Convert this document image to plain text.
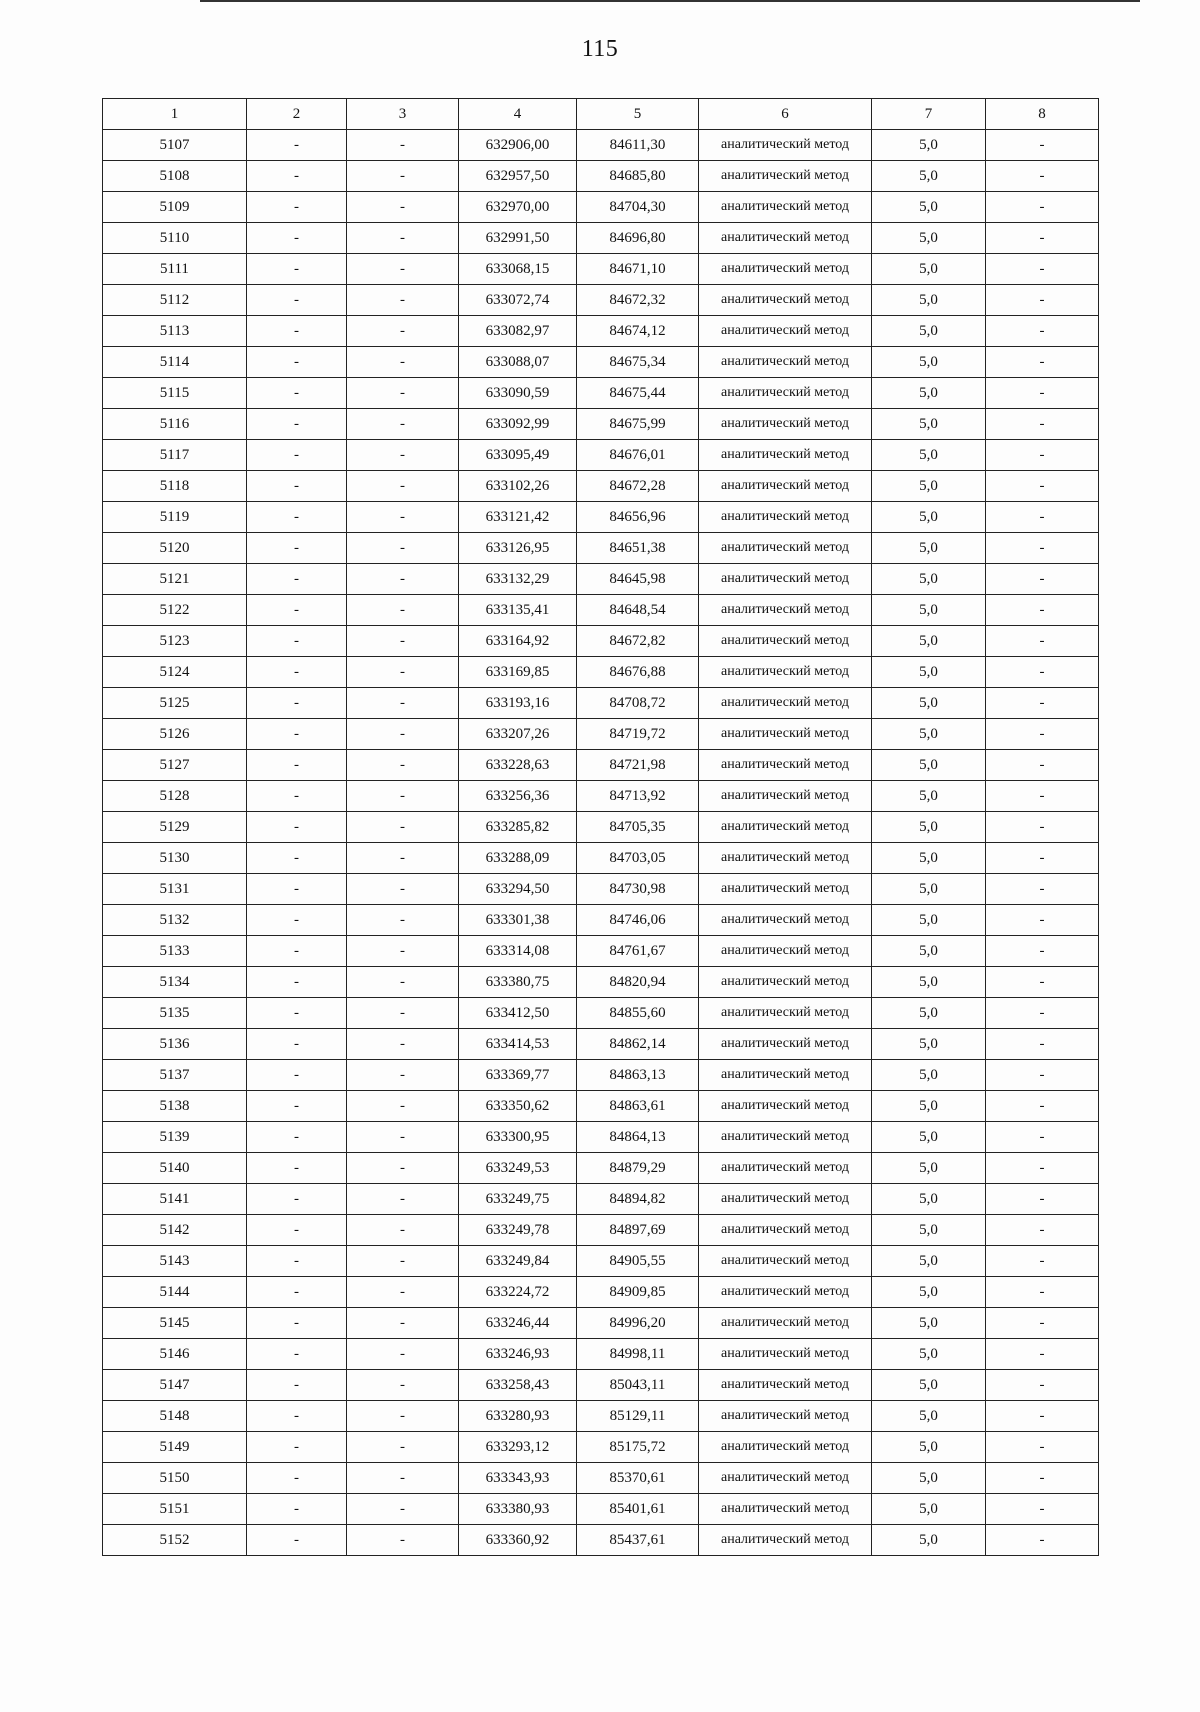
115
1	2	3	4	5	6	7	8
5107	-	-	632906,00	84611,30	аналитический метод	5,0	-
5108	-	-	632957,50	84685,80	аналитический метод	5,0	-
5109	-	-	632970,00	84704,30	аналитический метод	5,0	-
5110	-	-	632991,50	84696,80	аналитический метод	5,0	-
5111	-	-	633068,15	84671,10	аналитический метод	5,0	-
5112	-	-	633072,74	84672,32	аналитический метод	5,0	-
5113	-	-	633082,97	84674,12	аналитический метод	5,0	-
5114	-	-	633088,07	84675,34	аналитический метод	5,0	-
5115	-	-	633090,59	84675,44	аналитический метод	5,0	-
5116	-	-	633092,99	84675,99	аналитический метод	5,0	-
5117	-	-	633095,49	84676,01	аналитический метод	5,0	-
5118	-	-	633102,26	84672,28	аналитический метод	5,0	-
5119	-	-	633121,42	84656,96	аналитический метод	5,0	-
5120	-	-	633126,95	84651,38	аналитический метод	5,0	-
5121	-	-	633132,29	84645,98	аналитический метод	5,0	-
5122	-	-	633135,41	84648,54	аналитический метод	5,0	-
5123	-	-	633164,92	84672,82	аналитический метод	5,0	-
5124	-	-	633169,85	84676,88	аналитический метод	5,0	-
5125	-	-	633193,16	84708,72	аналитический метод	5,0	-
5126	-	-	633207,26	84719,72	аналитический метод	5,0	-
5127	-	-	633228,63	84721,98	аналитический метод	5,0	-
5128	-	-	633256,36	84713,92	аналитический метод	5,0	-
5129	-	-	633285,82	84705,35	аналитический метод	5,0	-
5130	-	-	633288,09	84703,05	аналитический метод	5,0	-
5131	-	-	633294,50	84730,98	аналитический метод	5,0	-
5132	-	-	633301,38	84746,06	аналитический метод	5,0	-
5133	-	-	633314,08	84761,67	аналитический метод	5,0	-
5134	-	-	633380,75	84820,94	аналитический метод	5,0	-
5135	-	-	633412,50	84855,60	аналитический метод	5,0	-
5136	-	-	633414,53	84862,14	аналитический метод	5,0	-
5137	-	-	633369,77	84863,13	аналитический метод	5,0	-
5138	-	-	633350,62	84863,61	аналитический метод	5,0	-
5139	-	-	633300,95	84864,13	аналитический метод	5,0	-
5140	-	-	633249,53	84879,29	аналитический метод	5,0	-
5141	-	-	633249,75	84894,82	аналитический метод	5,0	-
5142	-	-	633249,78	84897,69	аналитический метод	5,0	-
5143	-	-	633249,84	84905,55	аналитический метод	5,0	-
5144	-	-	633224,72	84909,85	аналитический метод	5,0	-
5145	-	-	633246,44	84996,20	аналитический метод	5,0	-
5146	-	-	633246,93	84998,11	аналитический метод	5,0	-
5147	-	-	633258,43	85043,11	аналитический метод	5,0	-
5148	-	-	633280,93	85129,11	аналитический метод	5,0	-
5149	-	-	633293,12	85175,72	аналитический метод	5,0	-
5150	-	-	633343,93	85370,61	аналитический метод	5,0	-
5151	-	-	633380,93	85401,61	аналитический метод	5,0	-
5152	-	-	633360,92	85437,61	аналитический метод	5,0	-
